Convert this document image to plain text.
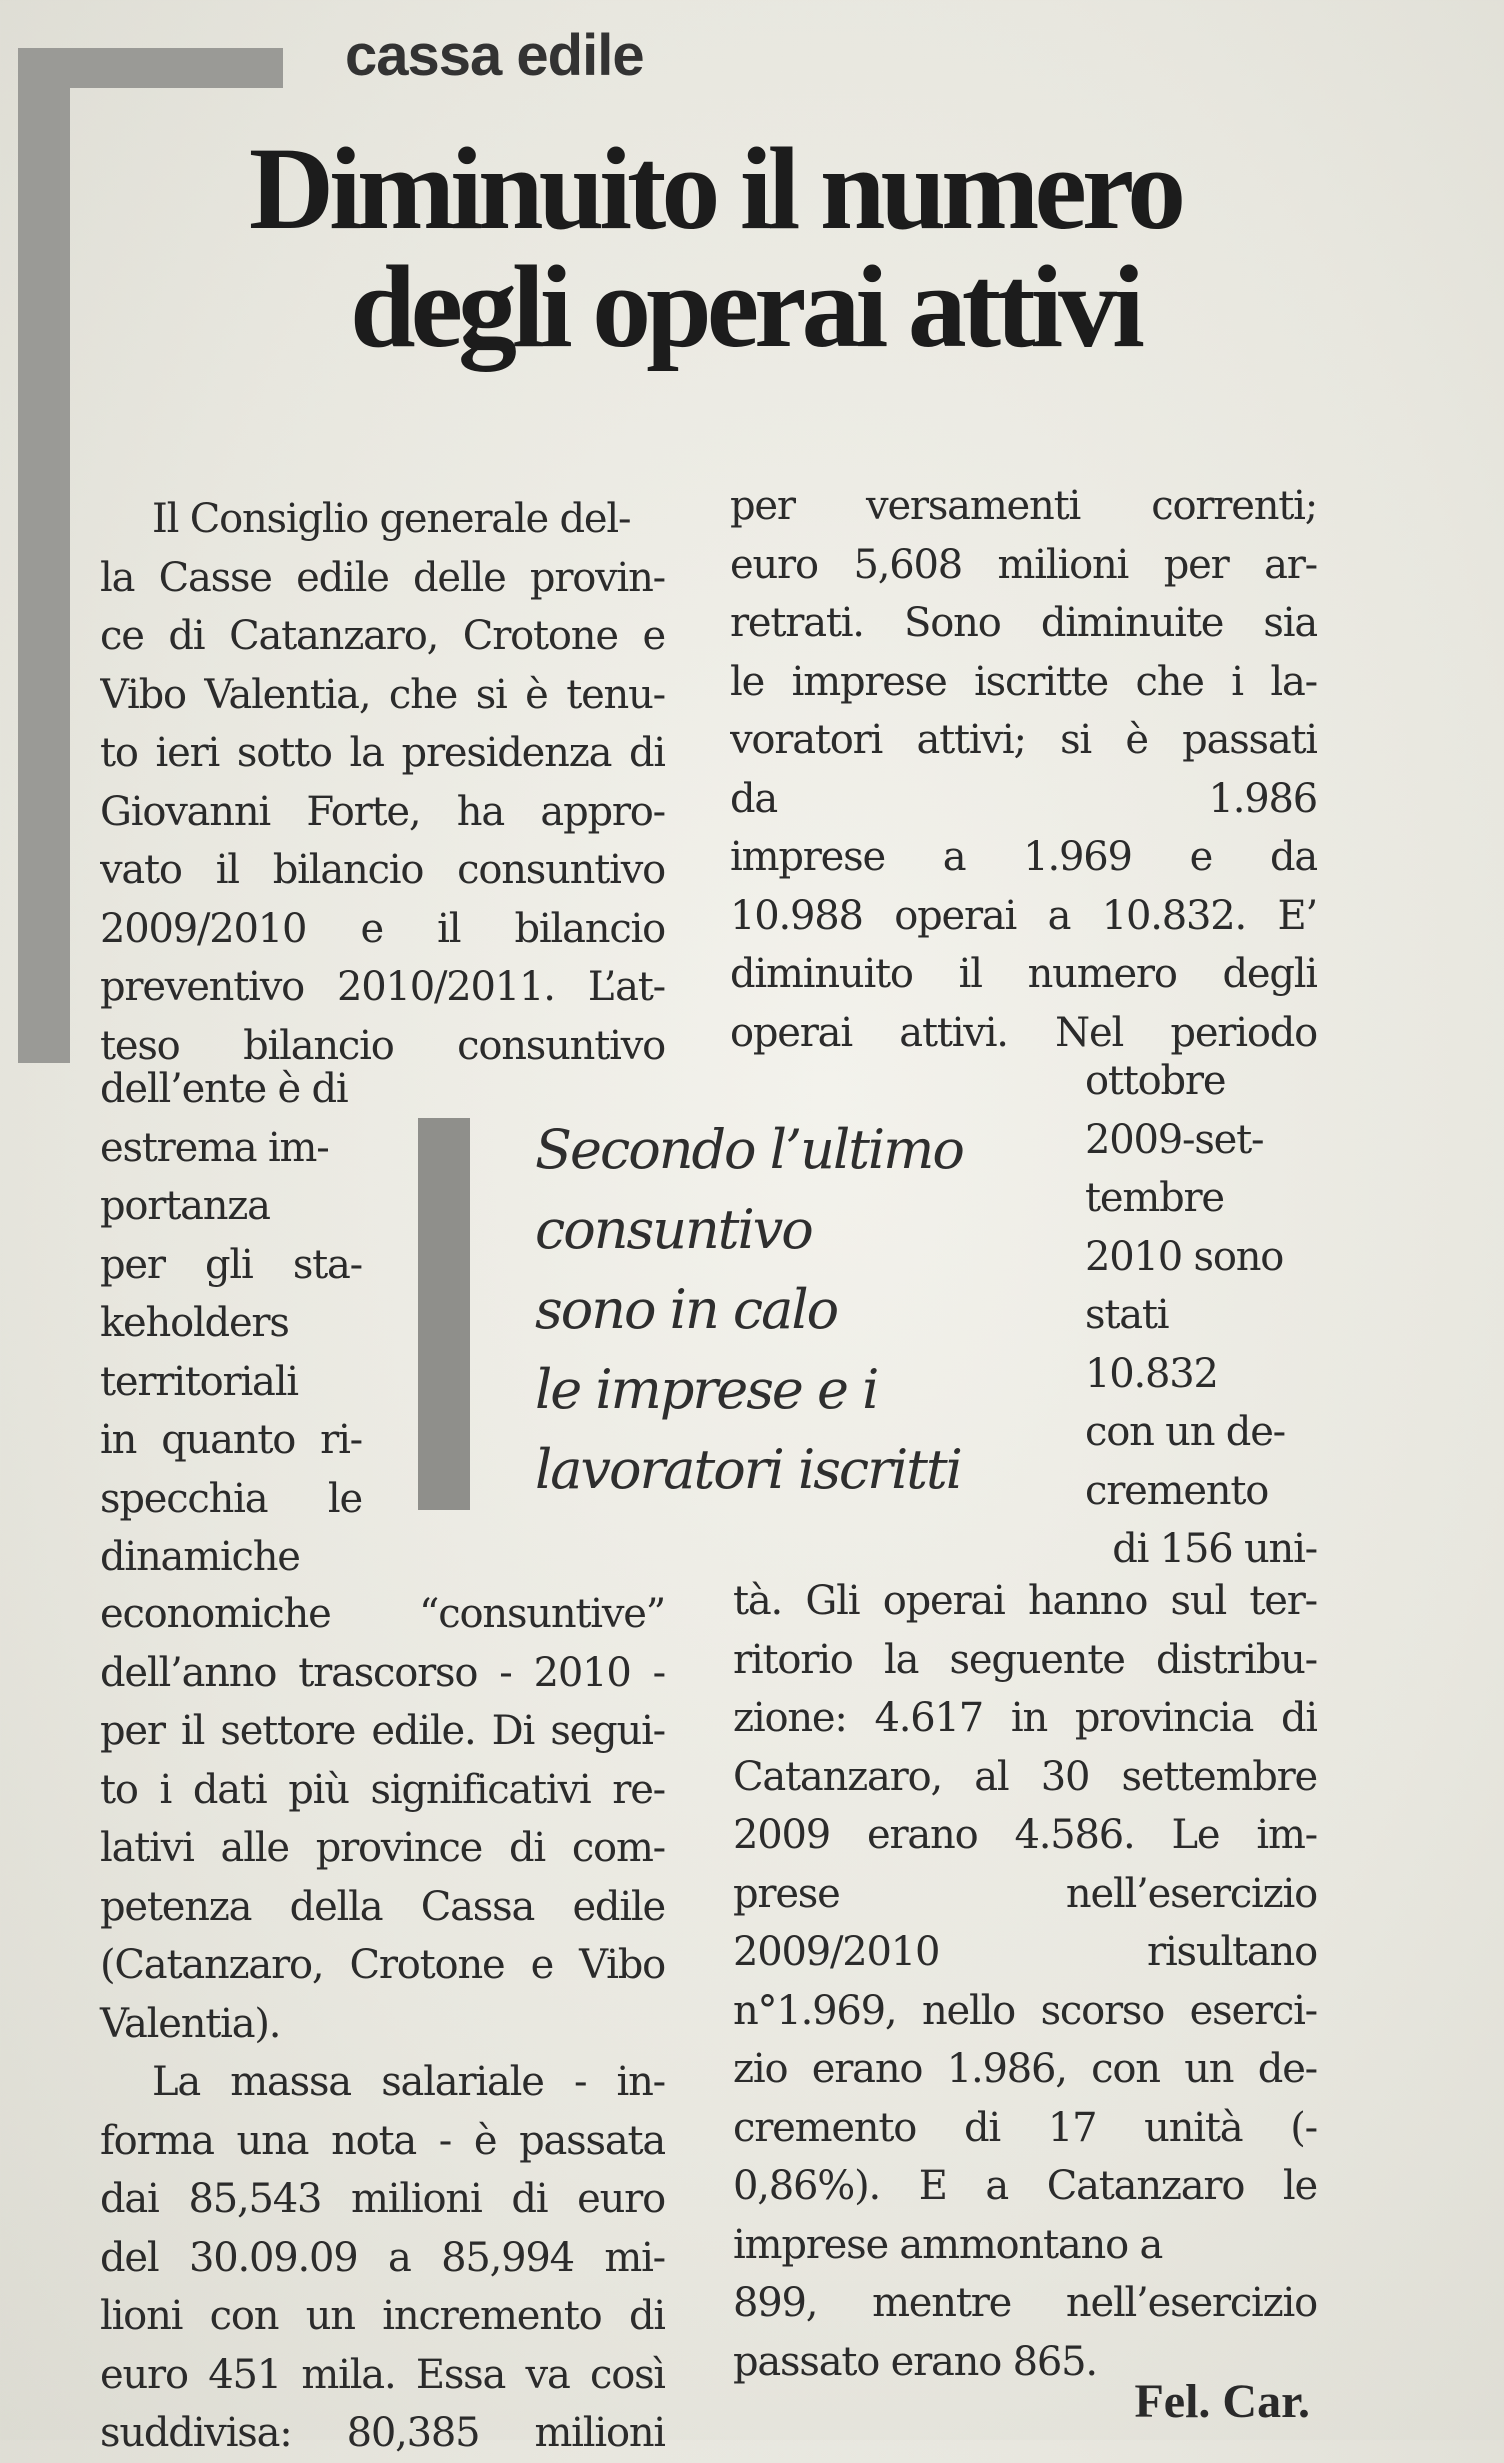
cassa edile
Diminuito il numero
degli operai attivi
Il Consiglio generale del-
la Casse edile delle provin-
ce di Catanzaro, Crotone e
Vibo Valentia, che si è tenu-
to ieri sotto la presidenza di
Giovanni Forte, ha appro-
vato il bilancio consuntivo
2009/2010 e il bilancio
preventivo 2010/2011. L’at-
teso bilancio consuntivo
dell’ente è di
estrema im-
portanza
per gli sta-
keholders
territoriali
in quanto ri-
specchia le
dinamiche
economiche “consuntive”
dell’anno trascorso - 2010 -
per il settore edile. Di segui-
to i dati più significativi re-
lativi alle province di com-
petenza della Cassa edile
(Catanzaro, Crotone e Vibo
Valentia).
La massa salariale - in-
forma una nota - è passata
dai 85,543 milioni di euro
del 30.09.09 a 85,994 mi-
lioni con un incremento di
euro 451 mila. Essa va così
suddivisa: 80,385 milioni
per versamenti correnti;
euro 5,608 milioni per ar-
retrati. Sono diminuite sia
le imprese iscritte che i la-
voratori attivi; si è passati
da 1.986
imprese a 1.969 e da
10.988 operai a 10.832. E’
diminuito il numero degli
operai attivi. Nel periodo
Secondo l’ultimo
consuntivo
sono in calo
le imprese e i
lavoratori iscritti
ottobre
2009-set-
tembre
2010 sono
stati
10.832
con un de-
cremento
di 156 uni-
tà. Gli operai hanno sul ter-
ritorio la seguente distribu-
zione: 4.617 in provincia di
Catanzaro, al 30 settembre
2009 erano 4.586. Le im-
prese nell’esercizio
2009/2010 risultano
n°1.969, nello scorso eserci-
zio erano 1.986, con un de-
cremento di 17 unità (-
0,86%). E a Catanzaro le
imprese ammontano a
899, mentre nell’esercizio
passato erano 865.
Fel. Car.
